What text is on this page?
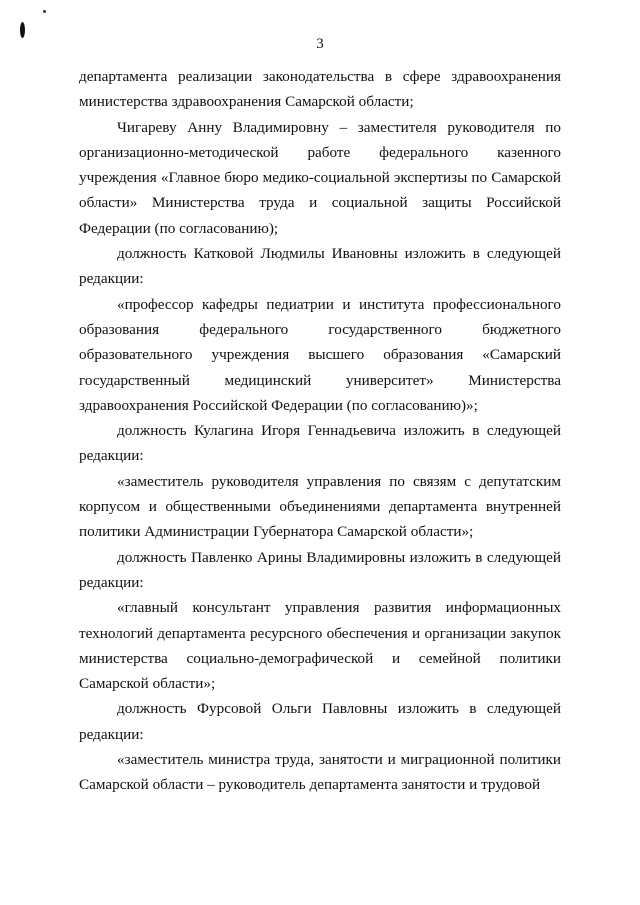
3

департамента реализации законодательства в сфере здравоохранения министерства здравоохранения Самарской области;

Чигареву Анну Владимировну – заместителя руководителя по организационно-методической работе федерального казенного учреждения «Главное бюро медико-социальной экспертизы по Самарской области» Министерства труда и социальной защиты Российской Федерации (по согласованию);

должность Катковой Людмилы Ивановны изложить в следующей редакции:

«профессор кафедры педиатрии и института профессионального образования федерального государственного бюджетного образовательного учреждения высшего образования «Самарский государственный медицинский университет» Министерства здравоохранения Российской Федерации (по согласованию)»;

должность Кулагина Игоря Геннадьевича изложить в следующей редакции:

«заместитель руководителя управления по связям с депутатским корпусом и общественными объединениями департамента внутренней политики Администрации Губернатора Самарской области»;

должность Павленко Арины Владимировны изложить в следующей редакции:

«главный консультант управления развития информационных технологий департамента ресурсного обеспечения и организации закупок министерства социально-демографической и семейной политики Самарской области»;

должность Фурсовой Ольги Павловны изложить в следующей редакции:

«заместитель министра труда, занятости и миграционной политики Самарской области – руководитель департамента занятости и трудовой
